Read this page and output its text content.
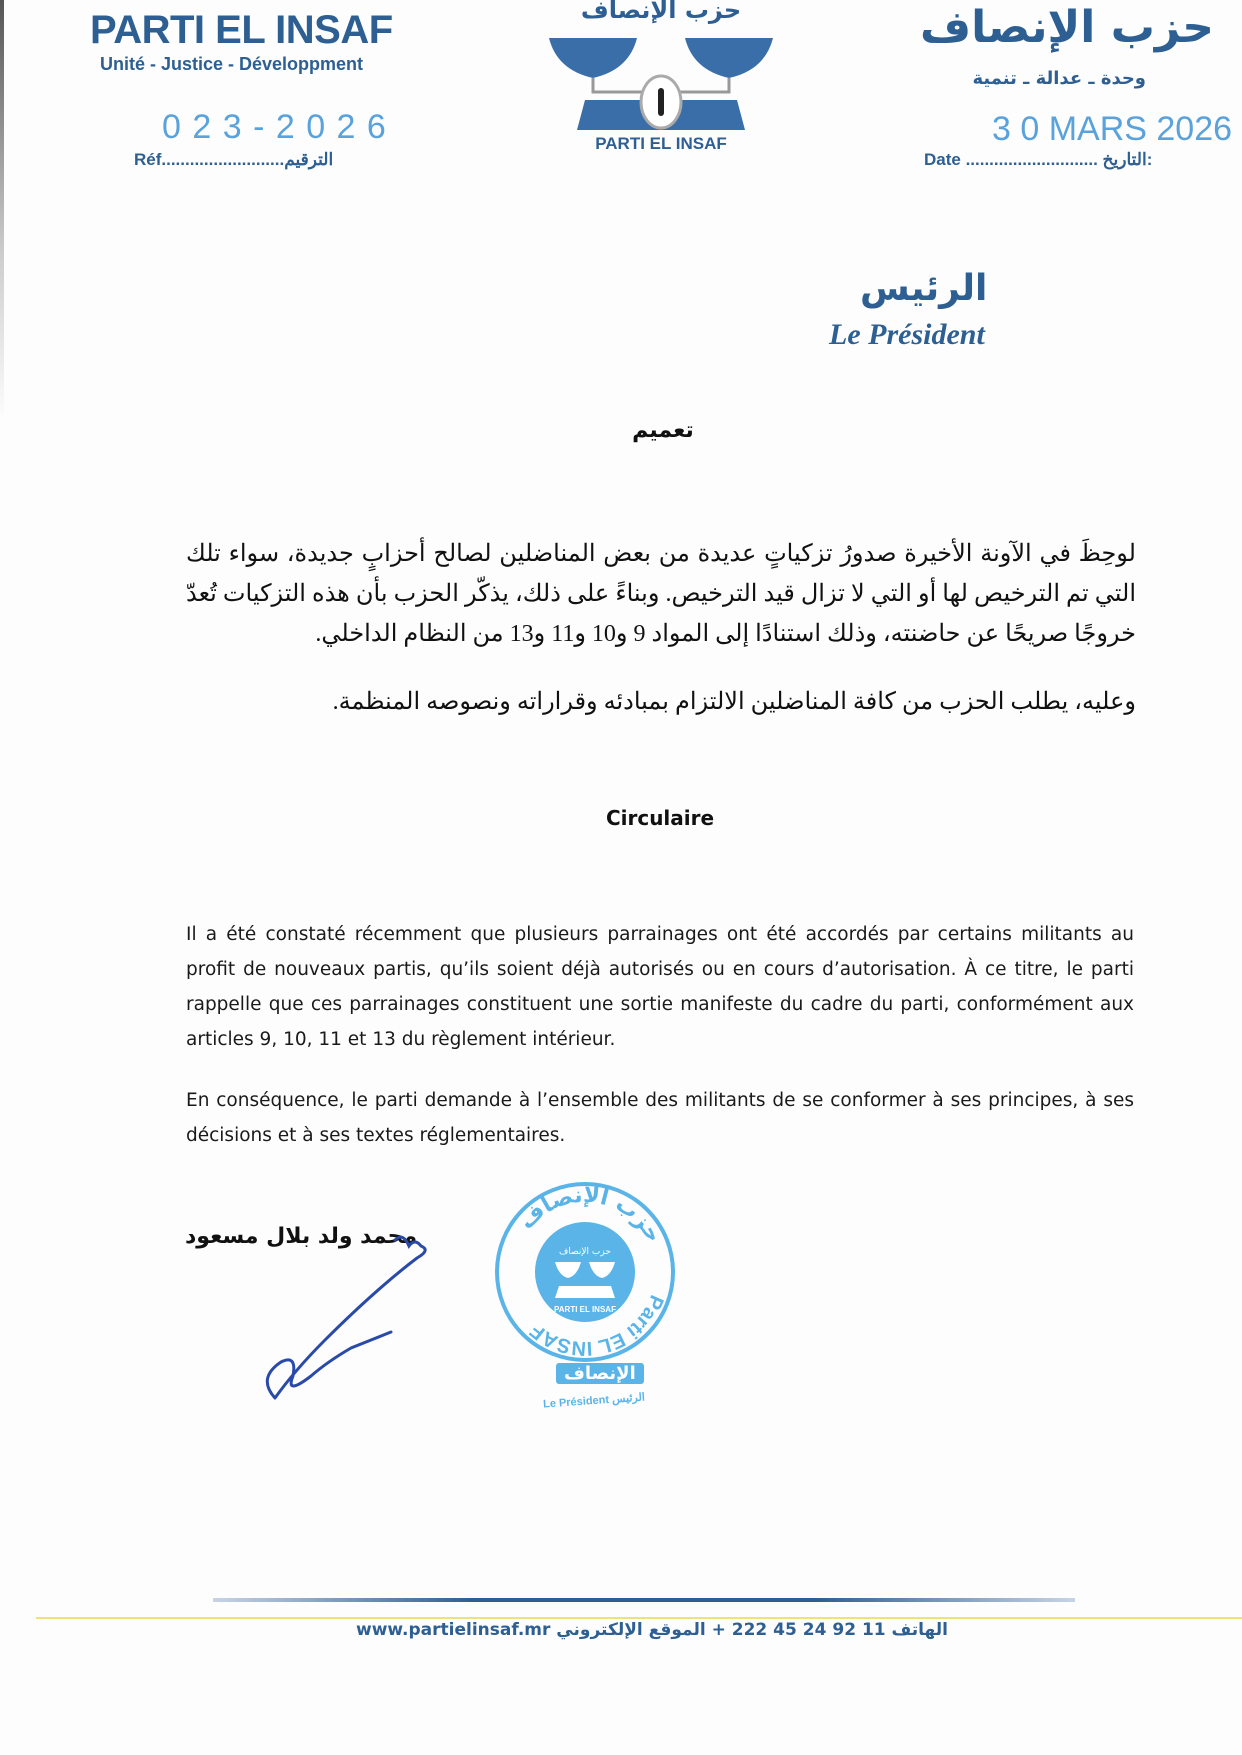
PARTI EL INSAF
Unité - Justice - Développment
0 2 3 - 2 0 2 6
Réf..........................الترقيم
حزب الإنصاف
PARTI EL INSAF
حزب الإنصاف
وحدة ـ عدالة ـ تنمية
3 0 MARS 2026
Date ............................ التاريخ:
الرئيس
Le Président
تعميم
لوحِظَ في الآونة الأخيرة صدورُ تزكياتٍ عديدة من بعض المناضلين لصالح أحزابٍ جديدة، سواء تلك التي تم الترخيص لها أو التي لا تزال قيد الترخيص. وبناءً على ذلك، يذكّر الحزب بأن هذه التزكيات تُعدّ خروجًا صريحًا عن حاضنته، وذلك استنادًا إلى المواد 9 و10 و11 و13 من النظام الداخلي.
وعليه، يطلب الحزب من كافة المناضلين الالتزام بمبادئه وقراراته ونصوصه المنظمة.
Circulaire
Il a été constaté récemment que plusieurs parrainages ont été accordés par certains militants au profit de nouveaux partis, qu’ils soient déjà autorisés ou en cours d’autorisation. À ce titre, le parti rappelle que ces parrainages constituent une sortie manifeste du cadre du parti, conformément aux articles 9, 10, 11 et 13 du règlement intérieur.
En conséquence, le parti demande à l’ensemble des militants de se conformer à ses principes, à ses décisions et à ses textes réglementaires.
محمد ولد بلال مسعود
Parti EL INSAF
حزب الإنصاف
حزب الإنصاف
PARTI EL INSAF
الإنصاف
Le Président الرئيس
الهاتف 11 92 24 45 222 + الموقع الإلكتروني www.partielinsaf.mr
